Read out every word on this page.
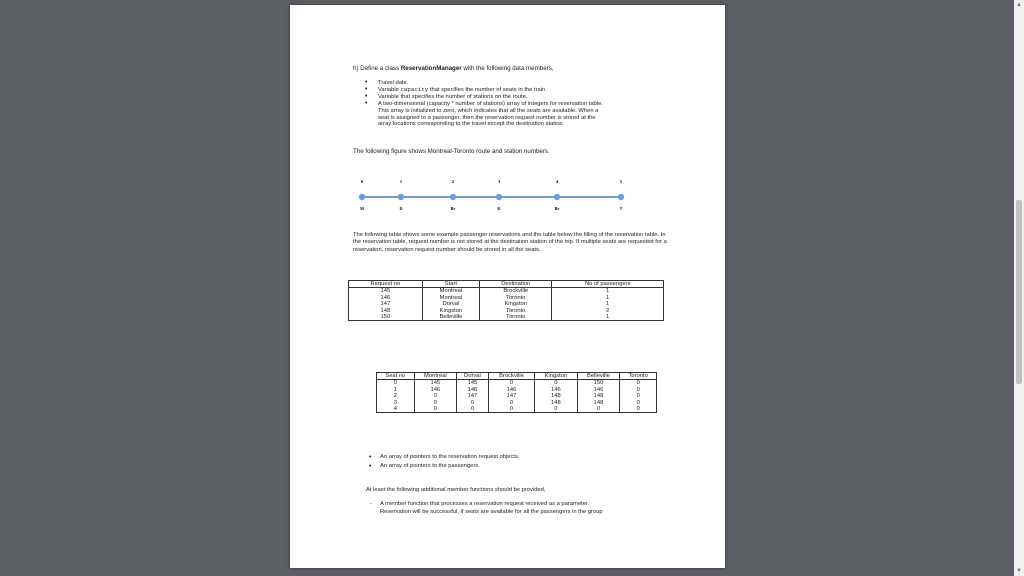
h) Define a class ReservationManager with the following data members,
• Travel date.
• Variable capacity that specifies the number of seats in the train.
• Variable that specifies the number of stations on the route.
• A two-dimensional (capacity * number of stations) array of integers for reservation table.
This array is initialized to zero, which indicates that all the seats are available. When a
seat is assigned to a passenger, then the reservation request number is stored at the
array locations corresponding to the travel except the destination station.
The following figure shows Montreal-Toronto route and station numbers.
0
M
1
D
2
Br
3
K
4
Be
5
T
The following table shows some example passenger reservations and the table below the filling of the reservation table. In the reservation table, request number is not stored at the destination station of the trip. If multiple seats are requested for a reservation, reservation request number should be stored in all the seats.
Request no	Start	Destination	No of passengers
145	Montreal	Brockville	1
146	Montreal	Toronto	1
147	Dorval	Kingston	1
148	Kingston	Toronto	2
150	Belleville	Toronto	1
Seat no	Montreal	Dorval	Brockville	Kingston	Belleville	Toronto
0	145	145	0	0	150	0
1	146	146	146	146	146	0
2	0	147	147	148	148	0
3	0	0	0	148	148	0
4	0	0	0	0	0	0
• An array of pointers to the reservation request objects.
• An array of pointers to the passengers.
At least the following additional member functions should be provided,
- A member function that processes a reservation request received as a parameter.
Reservation will be successful, if seats are available for all the passengers in the group
▲
▼
